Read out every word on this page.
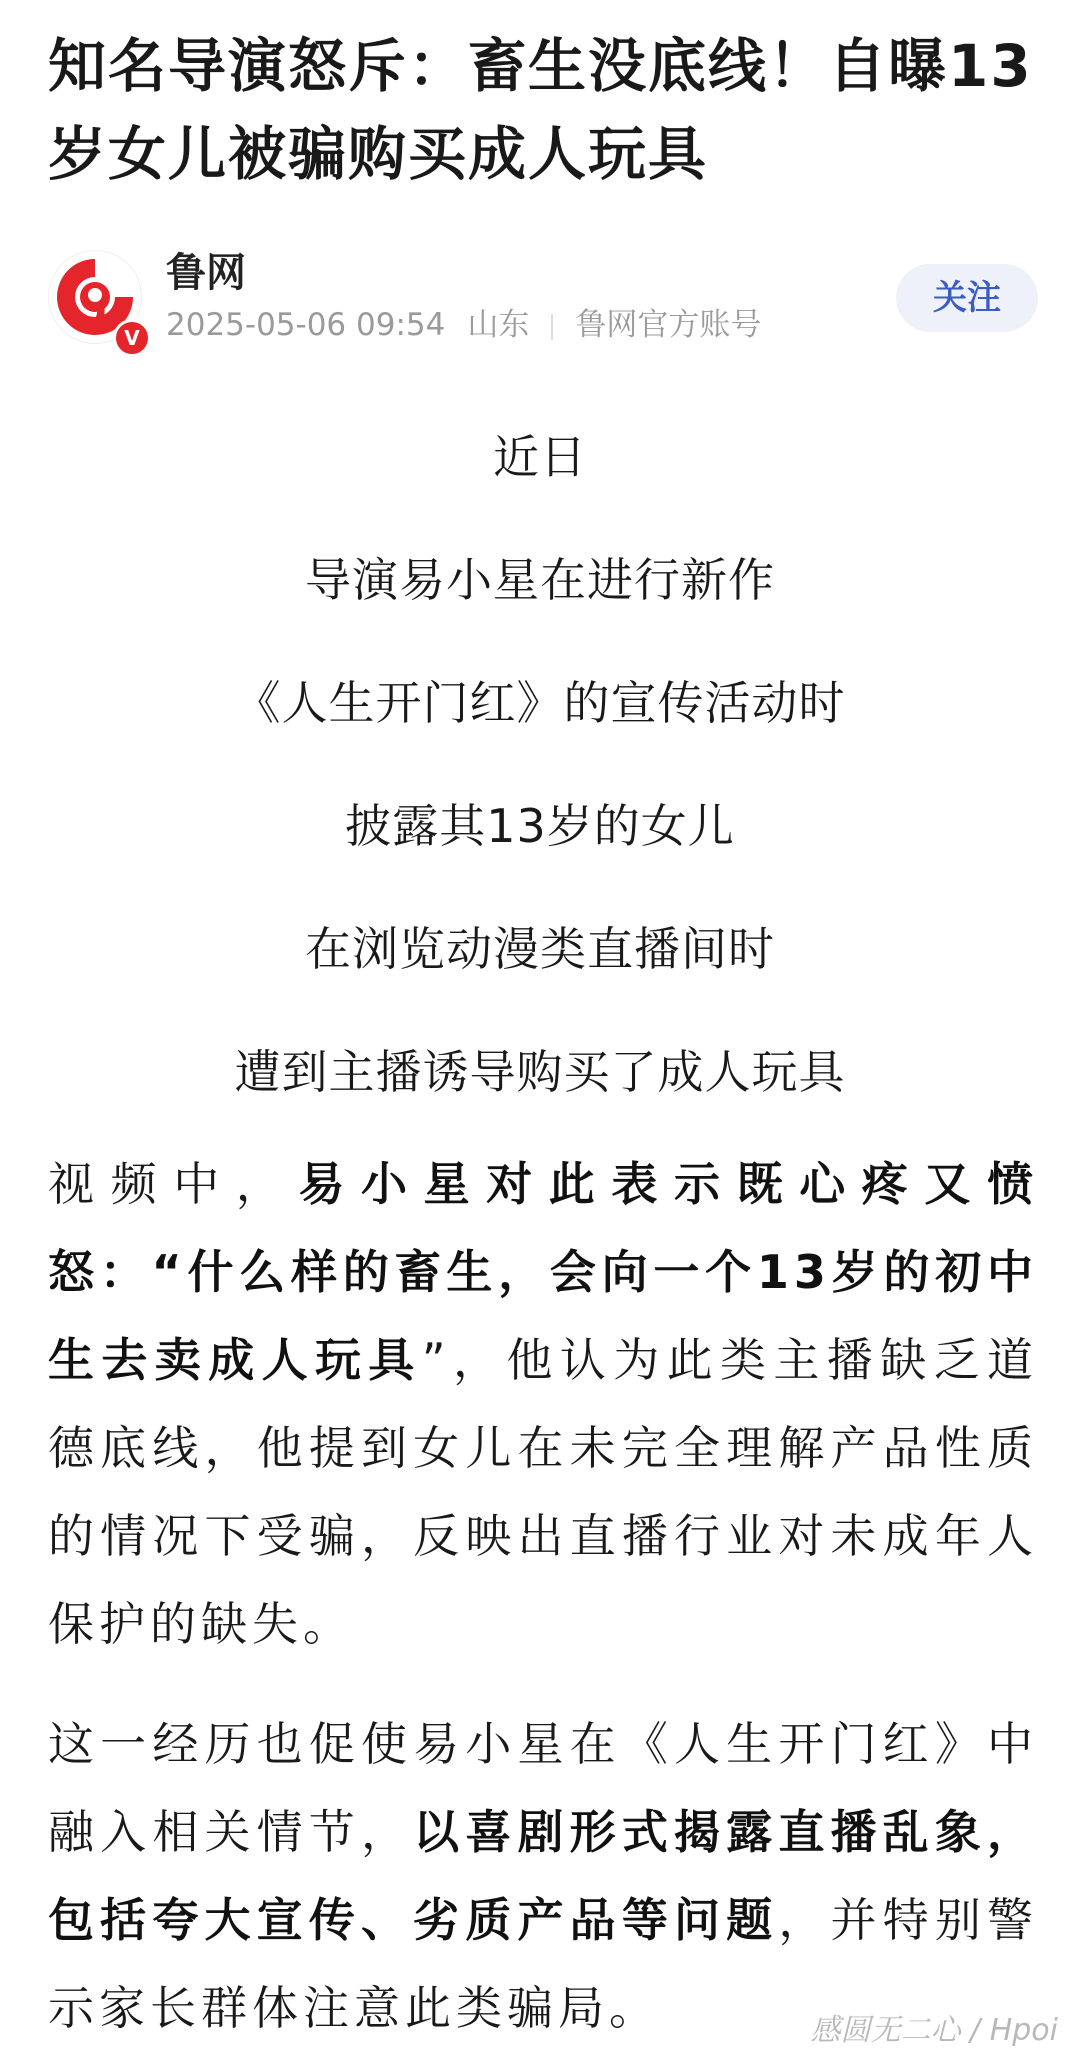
知名导演怒斥：畜生没底线！自曝13岁女儿被骗购买成人玩具
V
鲁网
2025-05-06 09:54 山东 鲁网官方账号
关注

近日

导演易小星在进行新作

《人生开门红》的宣传活动时

披露其13岁的女儿

在浏览动漫类直播间时

遭到主播诱导购买了成人玩具

视频中，易小星对此表示既心疼又愤怒：“什么样的畜生，会向一个13岁的初中生去卖成人玩具”，他认为此类主播缺乏道德底线，他提到女儿在未完全理解产品性质的情况下受骗，反映出直播行业对未成年人保护的缺失。

这一经历也促使易小星在《人生开门红》中融入相关情节，以喜剧形式揭露直播乱象，包括夸大宣传、劣质产品等问题，并特别警示家长群体注意此类骗局。	感圆无二心 / Hpoi
